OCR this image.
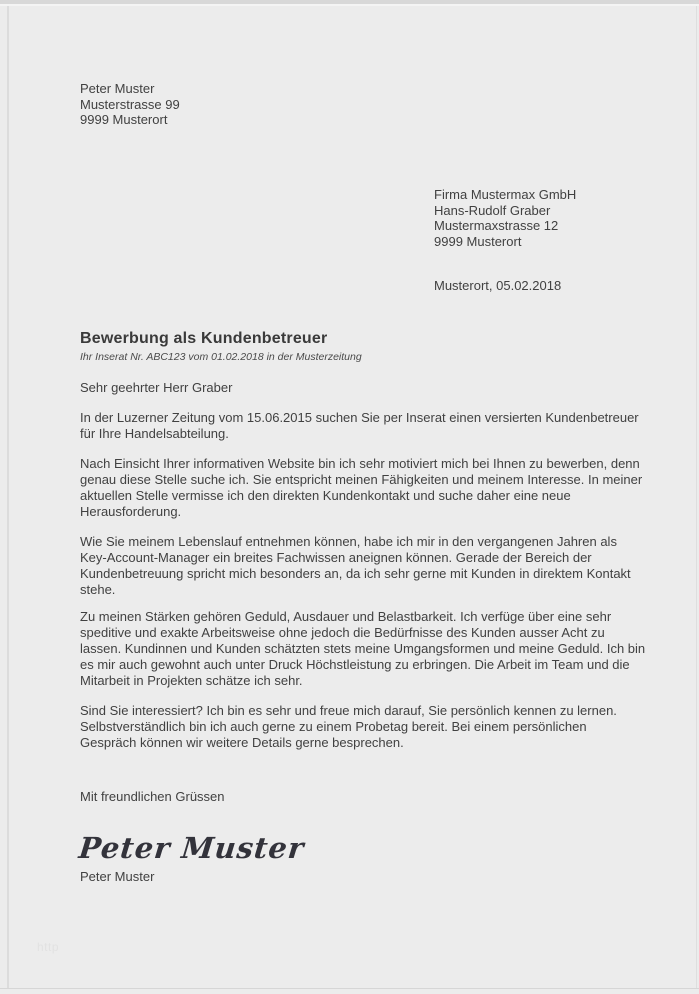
Peter Muster
Musterstrasse 99
9999 Musterort
Firma Mustermax GmbH
Hans-Rudolf Graber
Mustermaxstrasse 12
9999 Musterort
Musterort, 05.02.2018
Bewerbung als Kundenbetreuer
Ihr Inserat Nr. ABC123 vom 01.02.2018 in der Musterzeitung
Sehr geehrter Herr Graber

In der Luzerner Zeitung vom 15.06.2015 suchen Sie per Inserat einen versierten Kundenbetreuer für Ihre Handelsabteilung.

Nach Einsicht Ihrer informativen Website bin ich sehr motiviert mich bei Ihnen zu bewerben, denn genau diese Stelle suche ich. Sie entspricht meinen Fähigkeiten und meinem Interesse. In meiner aktuellen Stelle vermisse ich den direkten Kundenkontakt und suche daher eine neue Herausforderung.

Wie Sie meinem Lebenslauf entnehmen können, habe ich mir in den vergangenen Jahren als Key-Account-Manager ein breites Fachwissen aneignen können. Gerade der Bereich der Kundenbetreuung spricht mich besonders an, da ich sehr gerne mit Kunden in direktem Kontakt stehe.

Zu meinen Stärken gehören Geduld, Ausdauer und Belastbarkeit. Ich verfüge über eine sehr speditive und exakte Arbeitsweise ohne jedoch die Bedürfnisse des Kunden ausser Acht zu lassen. Kundinnen und Kunden schätzten stets meine Umgangsformen und meine Geduld. Ich bin es mir auch gewohnt auch unter Druck Höchstleistung zu erbringen. Die Arbeit im Team und die Mitarbeit in Projekten schätze ich sehr.

Sind Sie interessiert? Ich bin es sehr und freue mich darauf, Sie persönlich kennen zu lernen. Selbstverständlich bin ich auch gerne zu einem Probetag bereit. Bei einem persönlichen Gespräch können wir weitere Details gerne besprechen.

Mit freundlichen Grüssen
Peter Muster
Peter Muster
http
